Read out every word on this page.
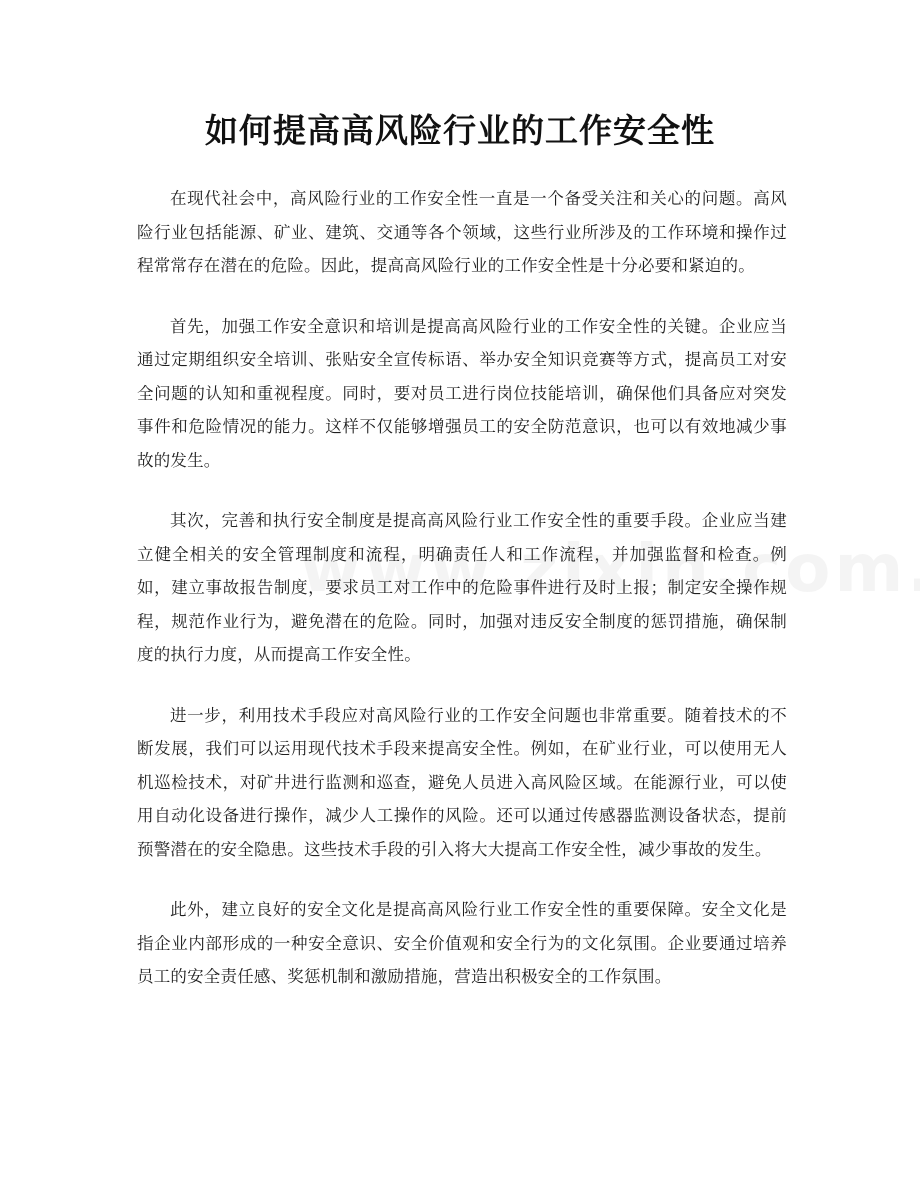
如何提高高风险行业的工作安全性

在现代社会中，高风险行业的工作安全性一直是一个备受关注和关心的问题。高风险行业包括能源、矿业、建筑、交通等各个领域，这些行业所涉及的工作环境和操作过程常常存在潜在的危险。因此，提高高风险行业的工作安全性是十分必要和紧迫的。

首先，加强工作安全意识和培训是提高高风险行业的工作安全性的关键。企业应当通过定期组织安全培训、张贴安全宣传标语、举办安全知识竞赛等方式，提高员工对安全问题的认知和重视程度。同时，要对员工进行岗位技能培训，确保他们具备应对突发事件和危险情况的能力。这样不仅能够增强员工的安全防范意识，也可以有效地减少事故的发生。

其次，完善和执行安全制度是提高高风险行业工作安全性的重要手段。企业应当建立健全相关的安全管理制度和流程，明确责任人和工作流程，并加强监督和检查。例如，建立事故报告制度，要求员工对工作中的危险事件进行及时上报；制定安全操作规程，规范作业行为，避免潜在的危险。同时，加强对违反安全制度的惩罚措施，确保制度的执行力度，从而提高工作安全性。

进一步，利用技术手段应对高风险行业的工作安全问题也非常重要。随着技术的不断发展，我们可以运用现代技术手段来提高安全性。例如，在矿业行业，可以使用无人机巡检技术，对矿井进行监测和巡查，避免人员进入高风险区域。在能源行业，可以使用自动化设备进行操作，减少人工操作的风险。还可以通过传感器监测设备状态，提前预警潜在的安全隐患。这些技术手段的引入将大大提高工作安全性，减少事故的发生。

此外，建立良好的安全文化是提高高风险行业工作安全性的重要保障。安全文化是指企业内部形成的一种安全意识、安全价值观和安全行为的文化氛围。企业要通过培养员工的安全责任感、奖惩机制和激励措施，营造出积极安全的工作氛围。
